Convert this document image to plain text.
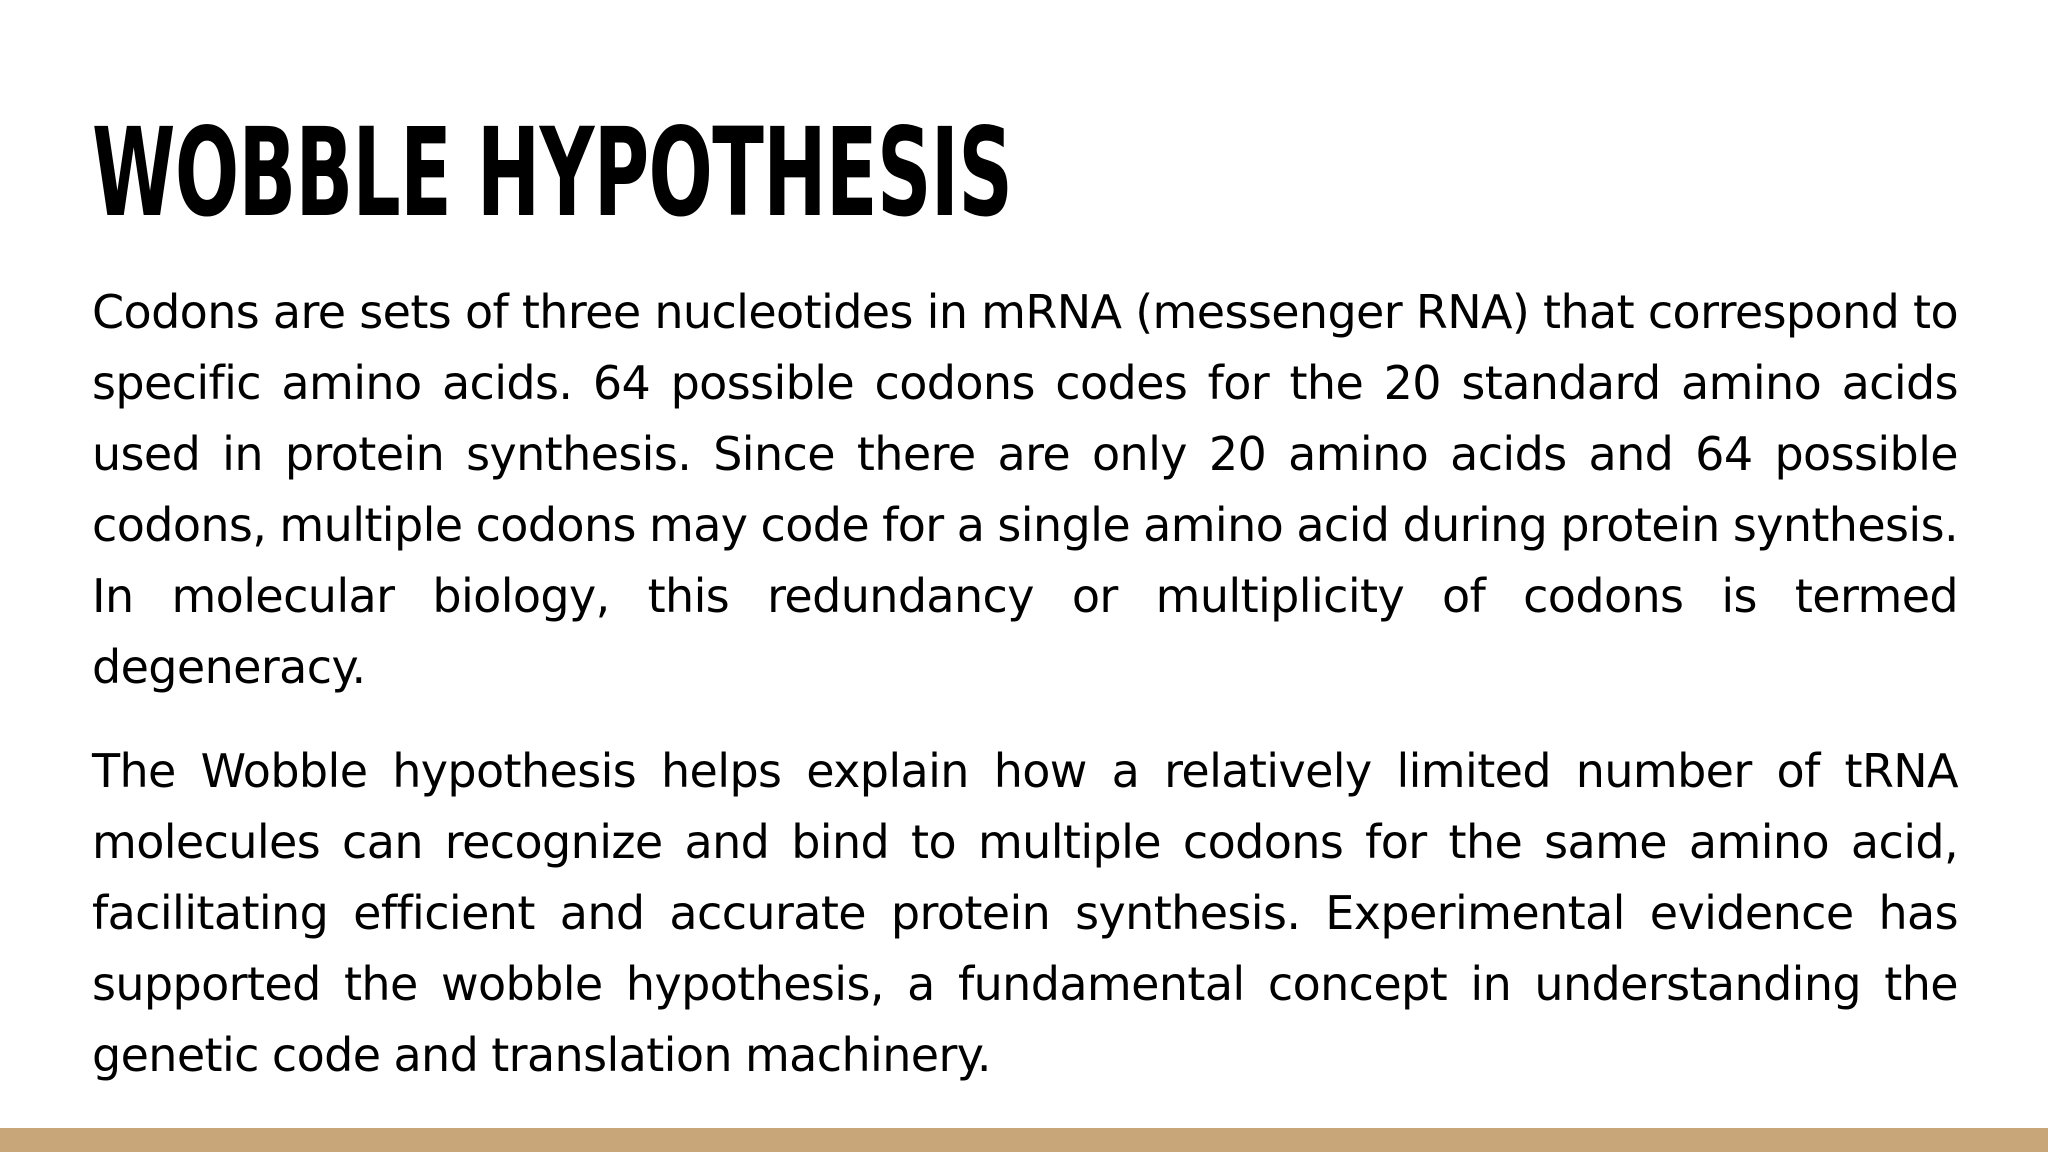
WOBBLE HYPOTHESIS

Codons are sets of three nucleotides in mRNA (messenger RNA) that correspond to specific amino acids. 64 possible codons codes for the 20 standard amino acids used in protein synthesis. Since there are only 20 amino acids and 64 possible codons, multiple codons may code for a single amino acid during protein synthesis. In molecular biology, this redundancy or multiplicity of codons is termed degeneracy.

The Wobble hypothesis helps explain how a relatively limited number of tRNA molecules can recognize and bind to multiple codons for the same amino acid, facilitating efficient and accurate protein synthesis. Experimental evidence has supported the wobble hypothesis, a fundamental concept in understanding the genetic code and translation machinery.
